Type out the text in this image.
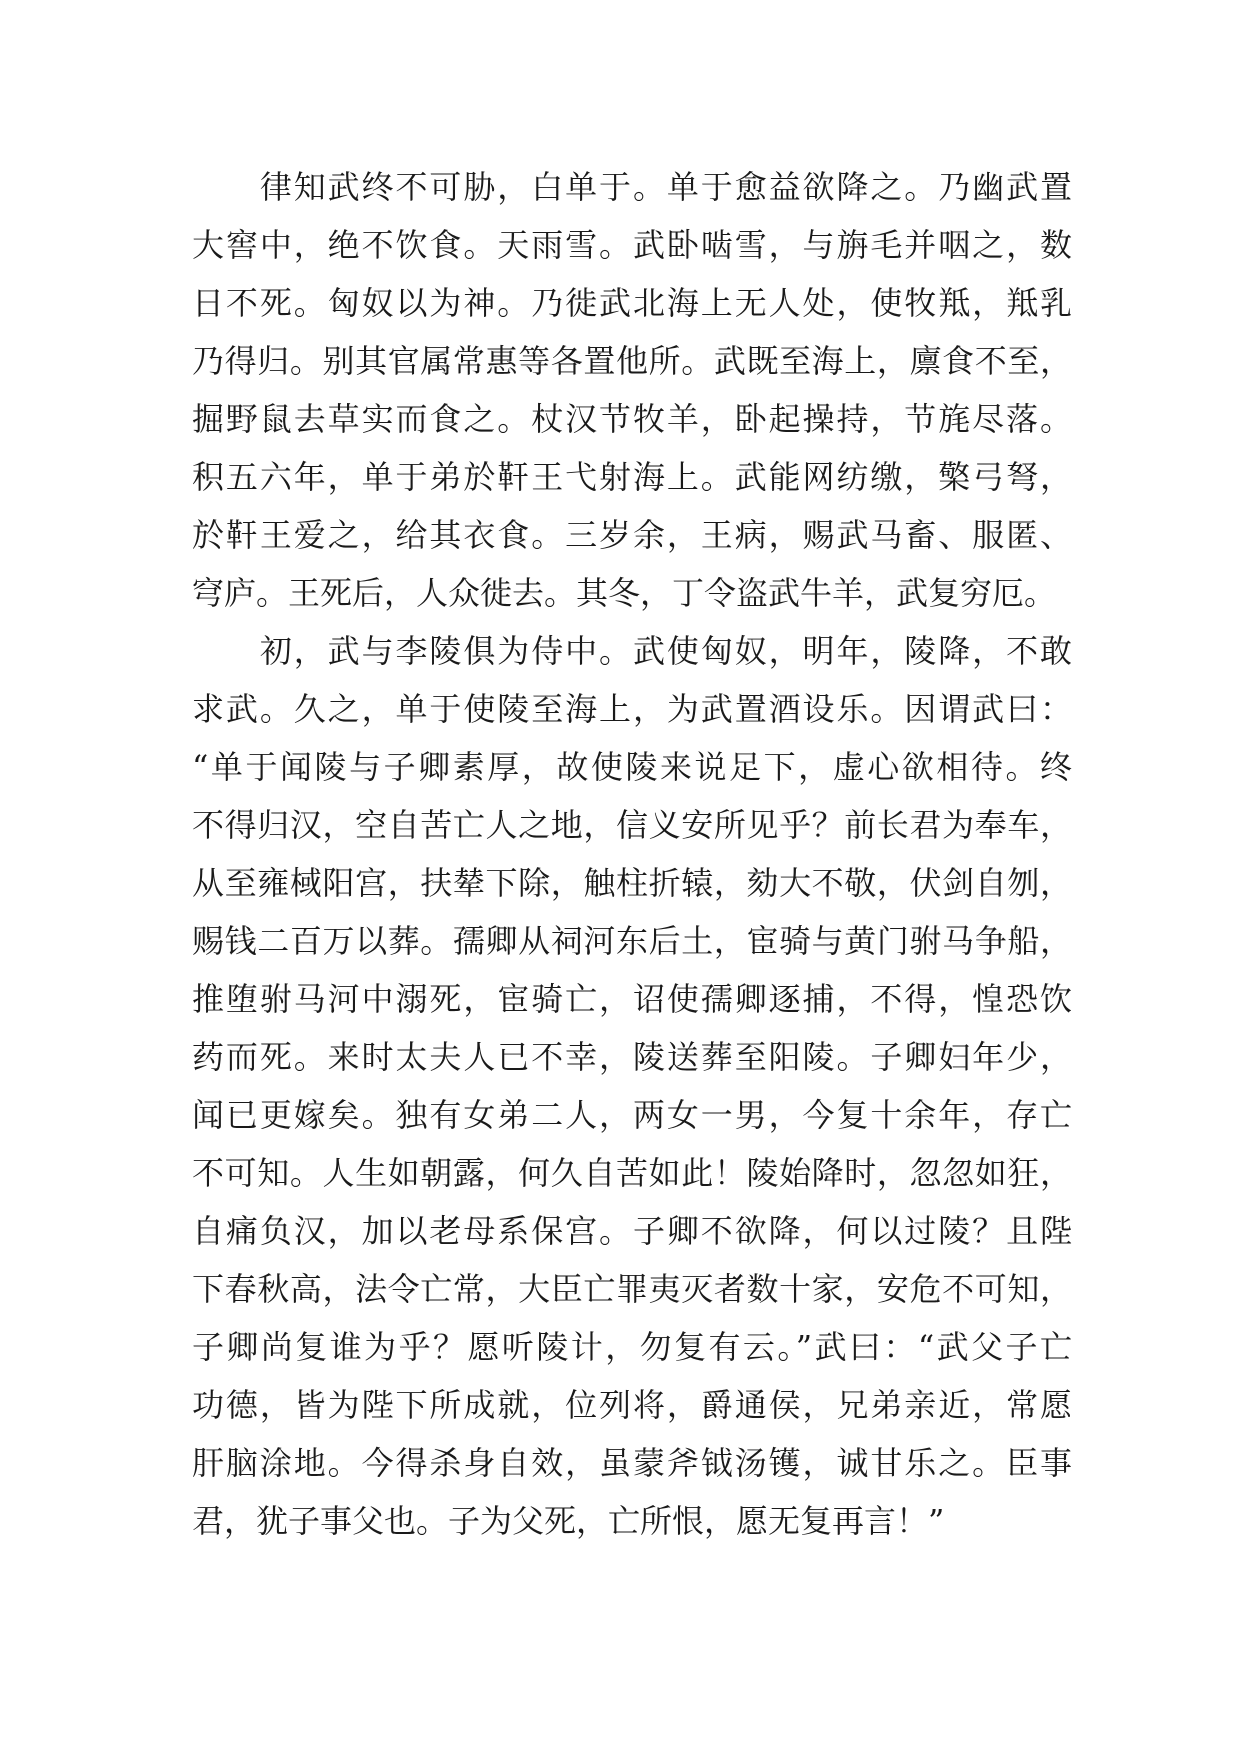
　　律知武终不可胁，白单于。单于愈益欲降之。乃幽武置
大窖中，绝不饮食。天雨雪。武卧啮雪，与旃毛并咽之，数
日不死。匈奴以为神。乃徙武北海上无人处，使牧羝，羝乳
乃得归。别其官属常惠等各置他所。武既至海上，廪食不至，
掘野鼠去草实而食之。杖汉节牧羊，卧起操持，节旄尽落。
积五六年，单于弟於靬王弋射海上。武能网纺缴，檠弓弩，
於靬王爱之，给其衣食。三岁余，王病，赐武马畜、服匿、
穹庐。王死后，人众徙去。其冬，丁令盗武牛羊，武复穷厄。
　　初，武与李陵俱为侍中。武使匈奴，明年，陵降，不敢
求武。久之，单于使陵至海上，为武置酒设乐。因谓武曰：
“单于闻陵与子卿素厚，故使陵来说足下，虚心欲相待。终
不得归汉，空自苦亡人之地，信义安所见乎？前长君为奉车，
从至雍棫阳宫，扶辇下除，触柱折辕，劾大不敬，伏剑自刎，
赐钱二百万以葬。孺卿从祠河东后土，宦骑与黄门驸马争船，
推堕驸马河中溺死，宦骑亡，诏使孺卿逐捕，不得，惶恐饮
药而死。来时太夫人已不幸，陵送葬至阳陵。子卿妇年少，
闻已更嫁矣。独有女弟二人，两女一男，今复十余年，存亡
不可知。人生如朝露，何久自苦如此！陵始降时，忽忽如狂，
自痛负汉，加以老母系保宫。子卿不欲降，何以过陵？且陛
下春秋高，法令亡常，大臣亡罪夷灭者数十家，安危不可知，
子卿尚复谁为乎？愿听陵计，勿复有云。”武曰：“武父子亡
功德，皆为陛下所成就，位列将，爵通侯，兄弟亲近，常愿
肝脑涂地。今得杀身自效，虽蒙斧钺汤镬，诚甘乐之。臣事
君，犹子事父也。子为父死，亡所恨，愿无复再言！”
